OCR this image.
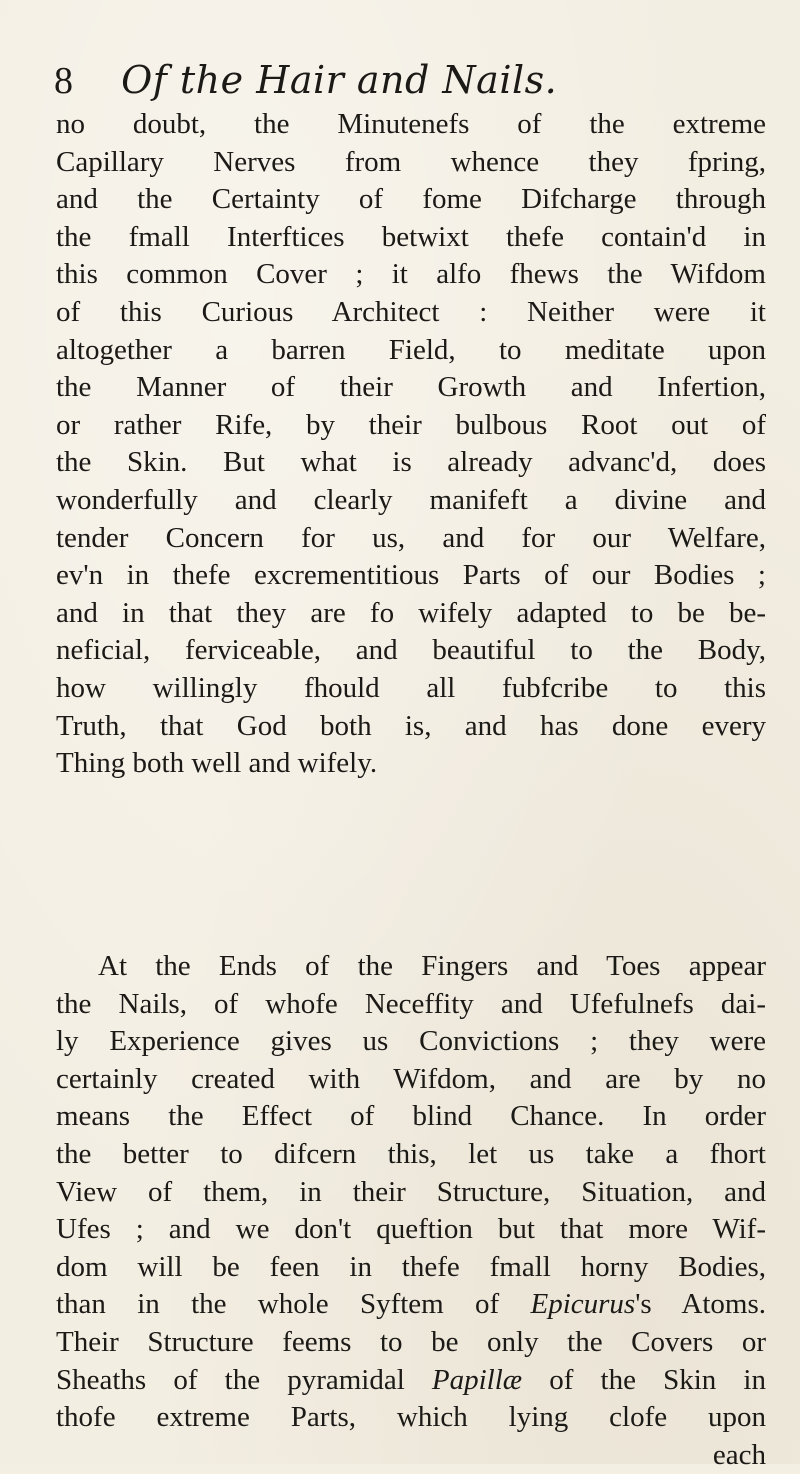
8 Of the Hair and Nails.
no doubt, the Minutenefs of the extreme
Capillary Nerves from whence they fpring,
and the Certainty of fome Difcharge through
the fmall Interftices betwixt thefe contain'd in
this common Cover ; it alfo fhews the Wifdom
of this Curious Architect : Neither were it
altogether a barren Field, to meditate upon
the Manner of their Growth and Infertion,
or rather Rife, by their bulbous Root out of
the Skin. But what is already advanc'd, does
wonderfully and clearly manifeft a divine and
tender Concern for us, and for our Welfare,
ev'n in thefe excrementitious Parts of our Bodies ;
and in that they are fo wifely adapted to be be-
neficial, ferviceable, and beautiful to the Body,
how willingly fhould all fubfcribe to this
Truth, that God both is, and has done every
Thing both well and wifely.
At the Ends of the Fingers and Toes appear
the Nails, of whofe Neceffity and Ufefulnefs dai-
ly Experience gives us Convictions ; they were
certainly created with Wifdom, and are by no
means the Effect of blind Chance. In order
the better to difcern this, let us take a fhort
View of them, in their Structure, Situation, and
Ufes ; and we don't queftion but that more Wif-
dom will be feen in thefe fmall horny Bodies,
than in the whole Syftem of Epicurus's Atoms.
Their Structure feems to be only the Covers or
Sheaths of the pyramidal Papillæ of the Skin in
thofe extreme Parts, which lying clofe upon
each
